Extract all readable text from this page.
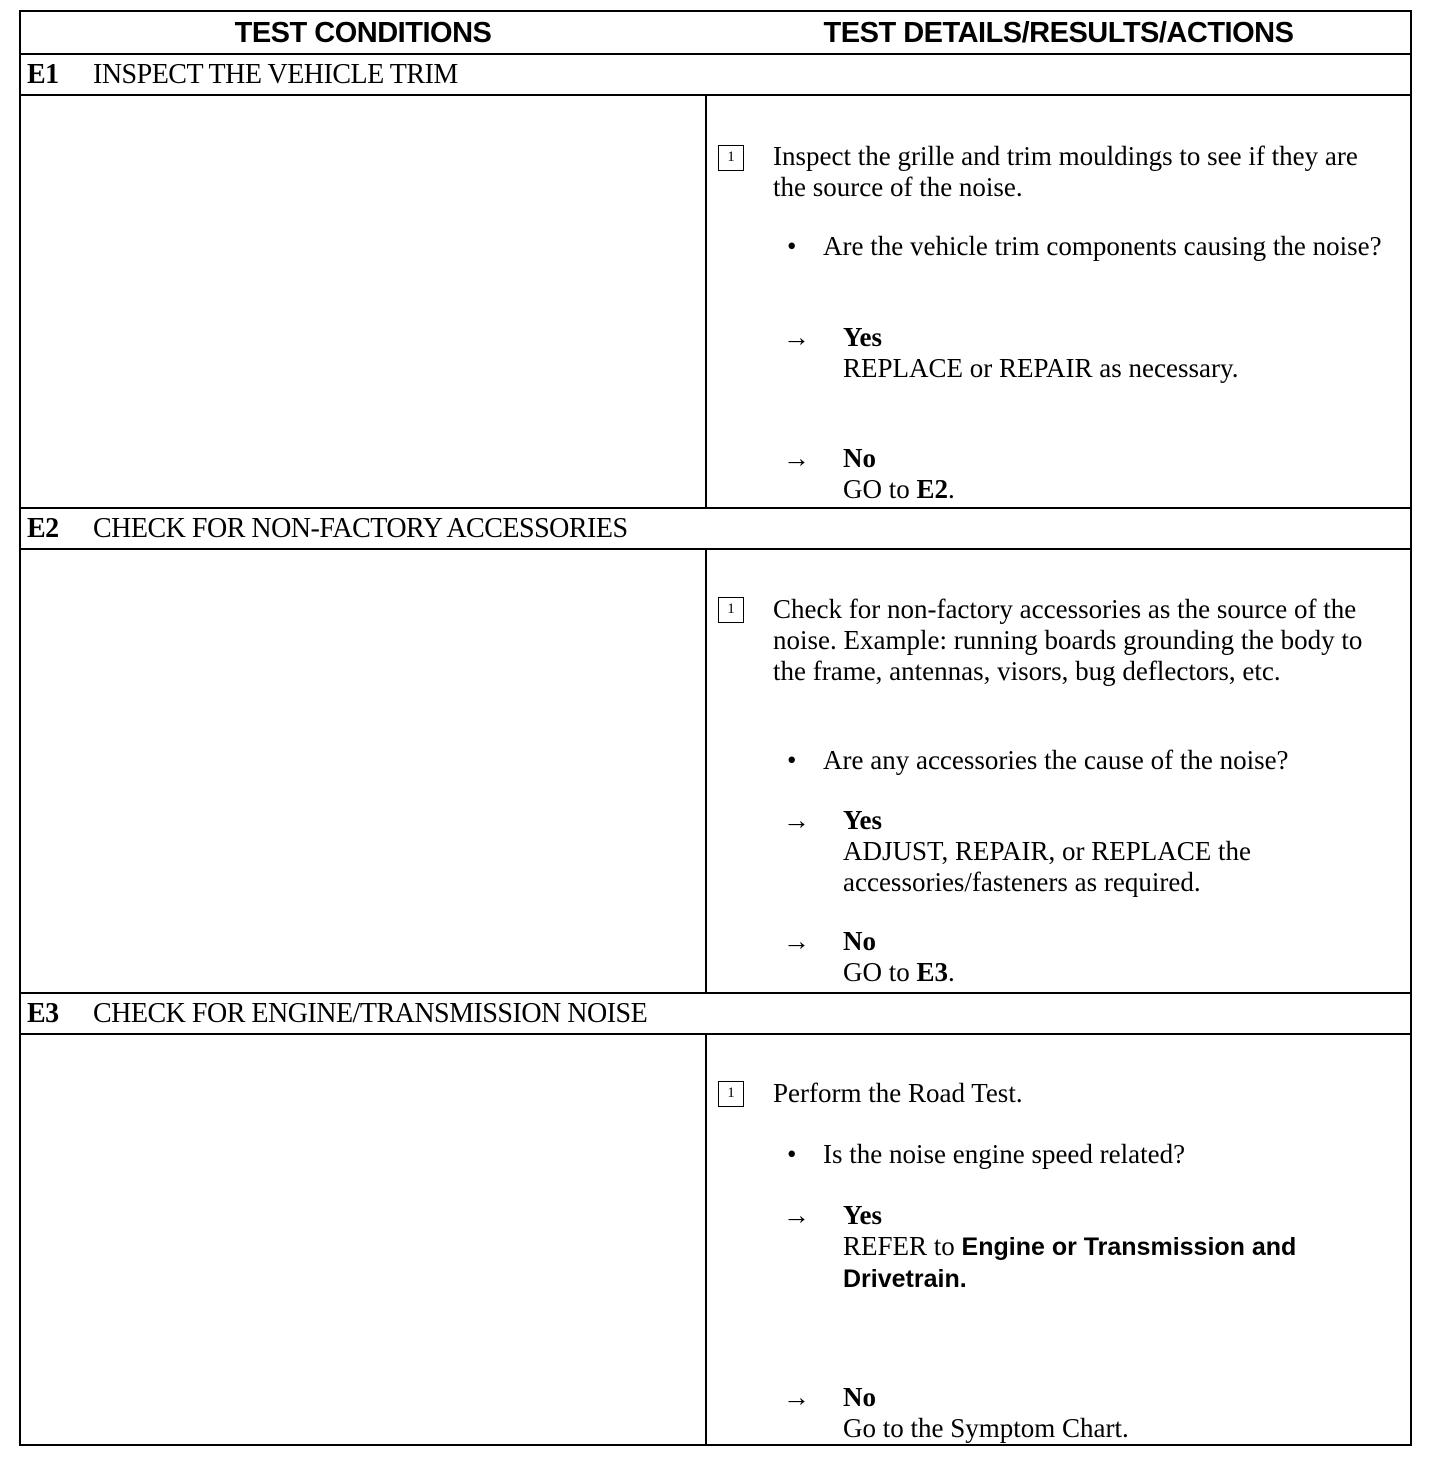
TEST CONDITIONS	TEST DETAILS/RESULTS/ACTIONS
E1 INSPECT THE VEHICLE TRIM
1	Inspect the grille and trim mouldings to see if they are the source of the noise.
• Are the vehicle trim components causing the noise?
→ Yes
REPLACE or REPAIR as necessary.
→ No
GO to E2.
E2 CHECK FOR NON-FACTORY ACCESSORIES
1	Check for non-factory accessories as the source of the noise. Example: running boards grounding the body to the frame, antennas, visors, bug deflectors, etc.
• Are any accessories the cause of the noise?
→ Yes
ADJUST, REPAIR, or REPLACE the accessories/fasteners as required.
→ No
GO to E3.
E3 CHECK FOR ENGINE/TRANSMISSION NOISE
1	Perform the Road Test.
• Is the noise engine speed related?
→ Yes
REFER to Engine or Transmission and Drivetrain.
→ No
Go to the Symptom Chart.
